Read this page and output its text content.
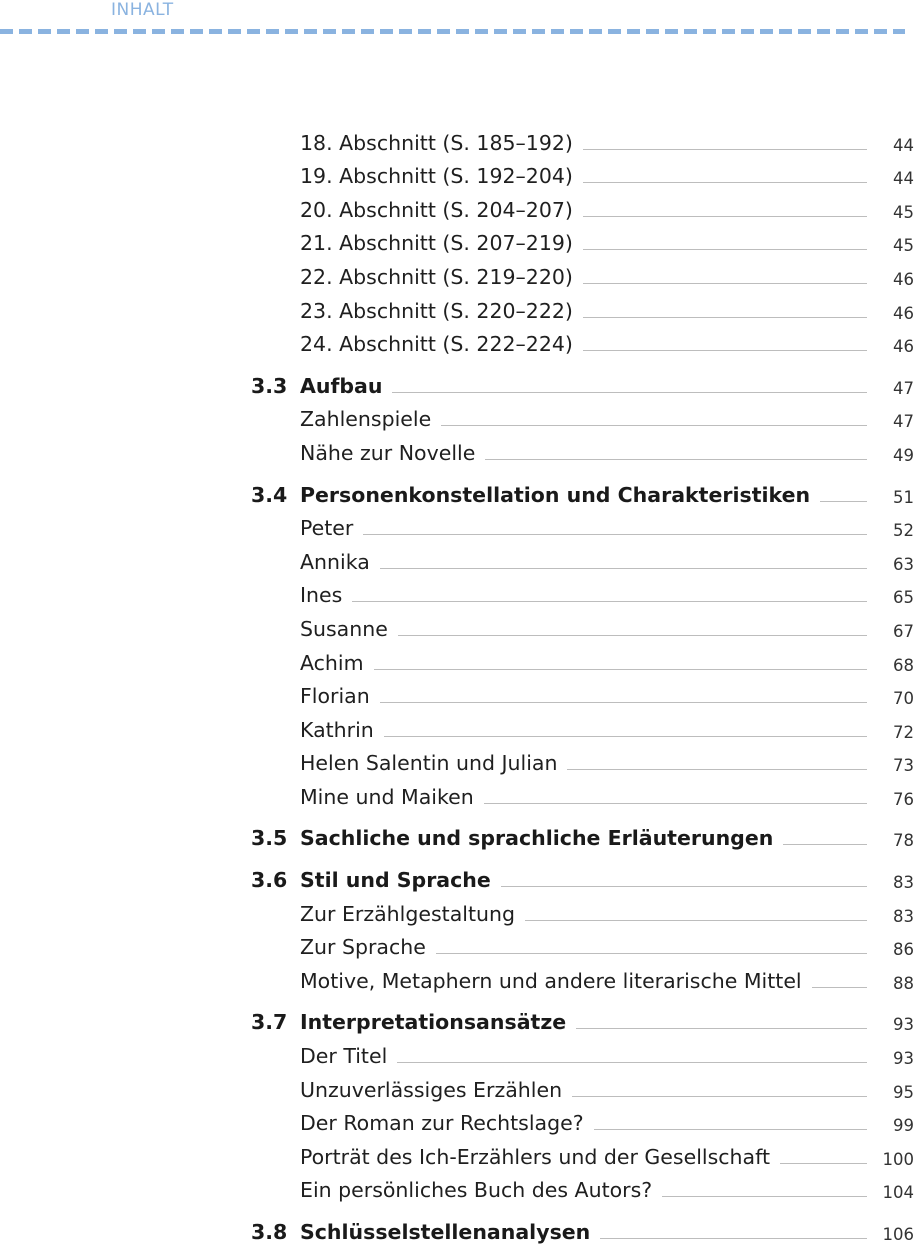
INHALT
18. Abschnitt (S. 185–192)	44
19. Abschnitt (S. 192–204)	44
20. Abschnitt (S. 204–207)	45
21. Abschnitt (S. 207–219)	45
22. Abschnitt (S. 219–220)	46
23. Abschnitt (S. 220–222)	46
24. Abschnitt (S. 222–224)	46
3.3 Aufbau	47
Zahlenspiele	47
Nähe zur Novelle	49
3.4 Personenkonstellation und Charakteristiken	51
Peter	52
Annika	63
Ines	65
Susanne	67
Achim	68
Florian	70
Kathrin	72
Helen Salentin und Julian	73
Mine und Maiken	76
3.5 Sachliche und sprachliche Erläuterungen	78
3.6 Stil und Sprache	83
Zur Erzählgestaltung	83
Zur Sprache	86
Motive, Metaphern und andere literarische Mittel	88
3.7 Interpretationsansätze	93
Der Titel	93
Unzuverlässiges Erzählen	95
Der Roman zur Rechtslage?	99
Porträt des Ich-Erzählers und der Gesellschaft	100
Ein persönliches Buch des Autors?	104
3.8 Schlüsselstellenanalysen	106
